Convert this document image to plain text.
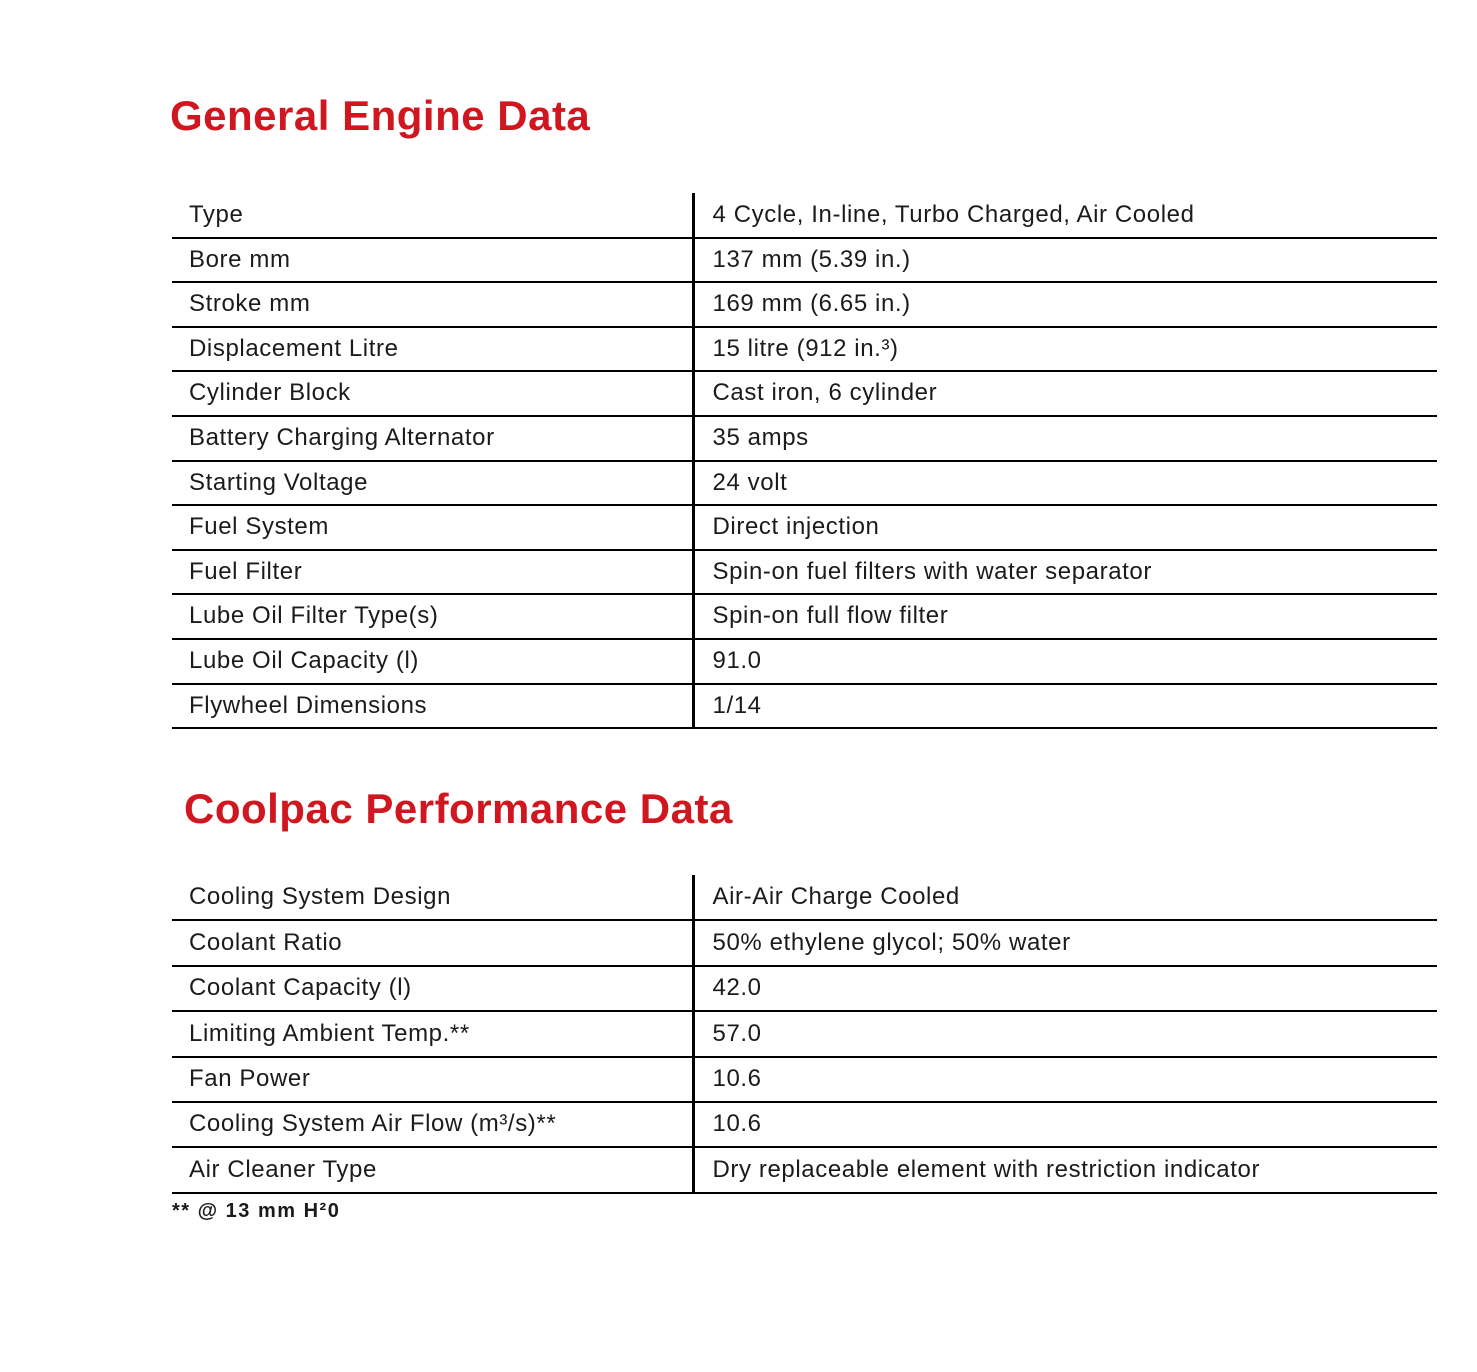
General Engine Data
Type	4 Cycle, In-line, Turbo Charged, Air Cooled
Bore mm	137 mm (5.39 in.)
Stroke mm	169 mm (6.65 in.)
Displacement Litre	15 litre (912 in.³)
Cylinder Block	Cast iron, 6 cylinder
Battery Charging Alternator	35 amps
Starting Voltage	24 volt
Fuel System	Direct injection
Fuel Filter	Spin-on fuel filters with water separator
Lube Oil Filter Type(s)	Spin-on full flow filter
Lube Oil Capacity (l)	91.0
Flywheel Dimensions	1/14
Coolpac Performance Data
Cooling System Design	Air-Air Charge Cooled
Coolant Ratio	50% ethylene glycol; 50% water
Coolant Capacity (l)	42.0
Limiting Ambient Temp.**	57.0
Fan Power	10.6
Cooling System Air Flow (m³/s)**	10.6
Air Cleaner Type	Dry replaceable element with restriction indicator
** @ 13 mm H²0
